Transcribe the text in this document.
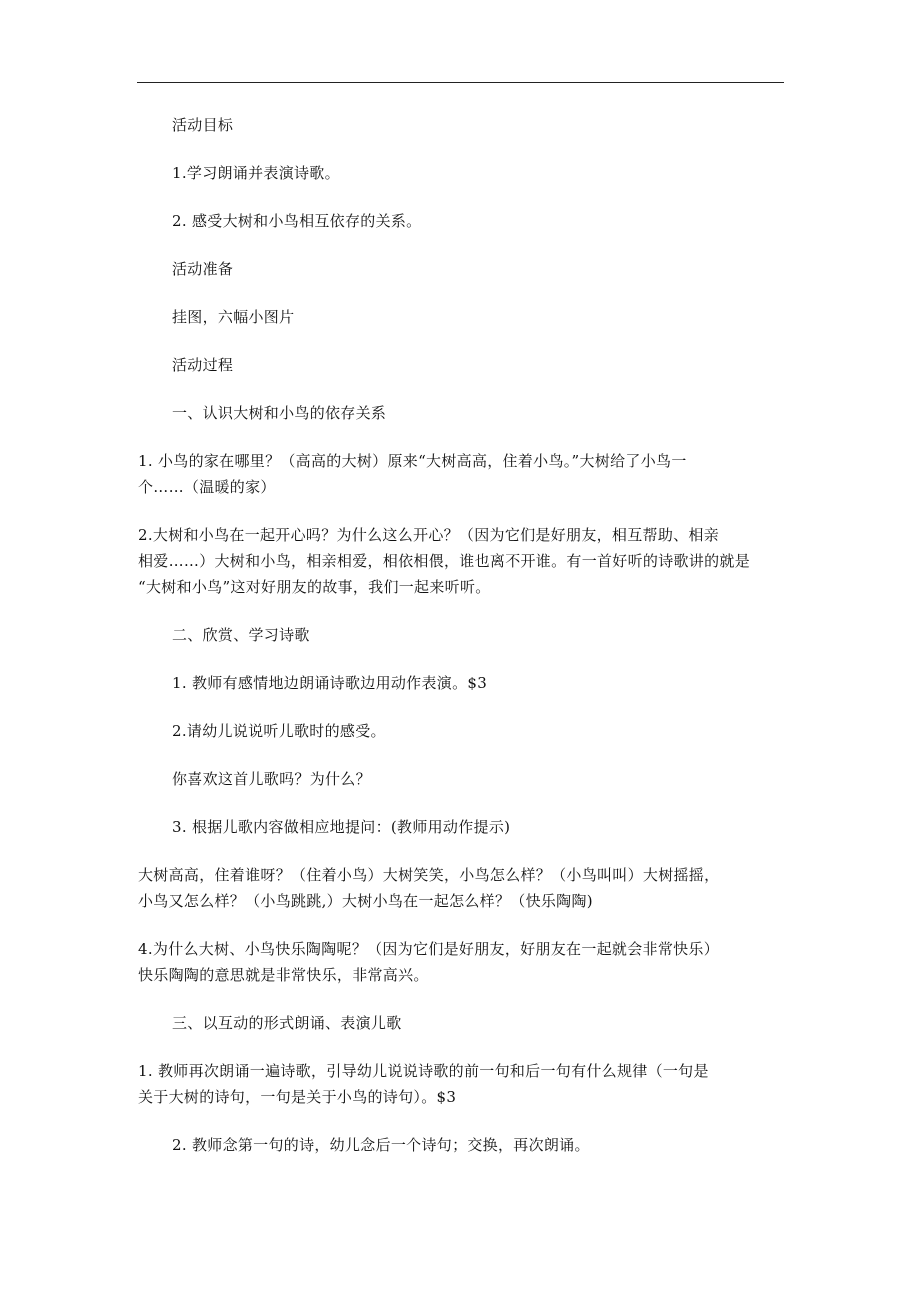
活动目标

1.学习朗诵并表演诗歌。

2. 感受大树和小鸟相互依存的关系。

活动准备

挂图，六幅小图片

活动过程

一、认识大树和小鸟的依存关系

1. 小鸟的家在哪里？（高高的大树）原来“大树高高，住着小鸟。”大树给了小鸟一
个……（温暖的家）
2.大树和小鸟在一起开心吗？为什么这么开心？（因为它们是好朋友，相互帮助、相亲
相爱……）大树和小鸟，相亲相爱，相依相偎，谁也离不开谁。有一首好听的诗歌讲的就是
“大树和小鸟”这对好朋友的故事，我们一起来听听。

二、欣赏、学习诗歌

1. 教师有感情地边朗诵诗歌边用动作表演。$3

2.请幼儿说说听儿歌时的感受。

你喜欢这首儿歌吗？为什么？

3. 根据儿歌内容做相应地提问：(教师用动作提示)

大树高高，住着谁呀？（住着小鸟）大树笑笑，小鸟怎么样？（小鸟叫叫）大树摇摇，
小鸟又怎么样？（小鸟跳跳,）大树小鸟在一起怎么样？（快乐陶陶)
4.为什么大树、小鸟快乐陶陶呢？（因为它们是好朋友，好朋友在一起就会非常快乐）
快乐陶陶的意思就是非常快乐，非常高兴。

三、以互动的形式朗诵、表演儿歌

1. 教师再次朗诵一遍诗歌，引导幼儿说说诗歌的前一句和后一句有什么规律（一句是
关于大树的诗句，一句是关于小鸟的诗句）。$3

2. 教师念第一句的诗，幼儿念后一个诗句；交换，再次朗诵。
